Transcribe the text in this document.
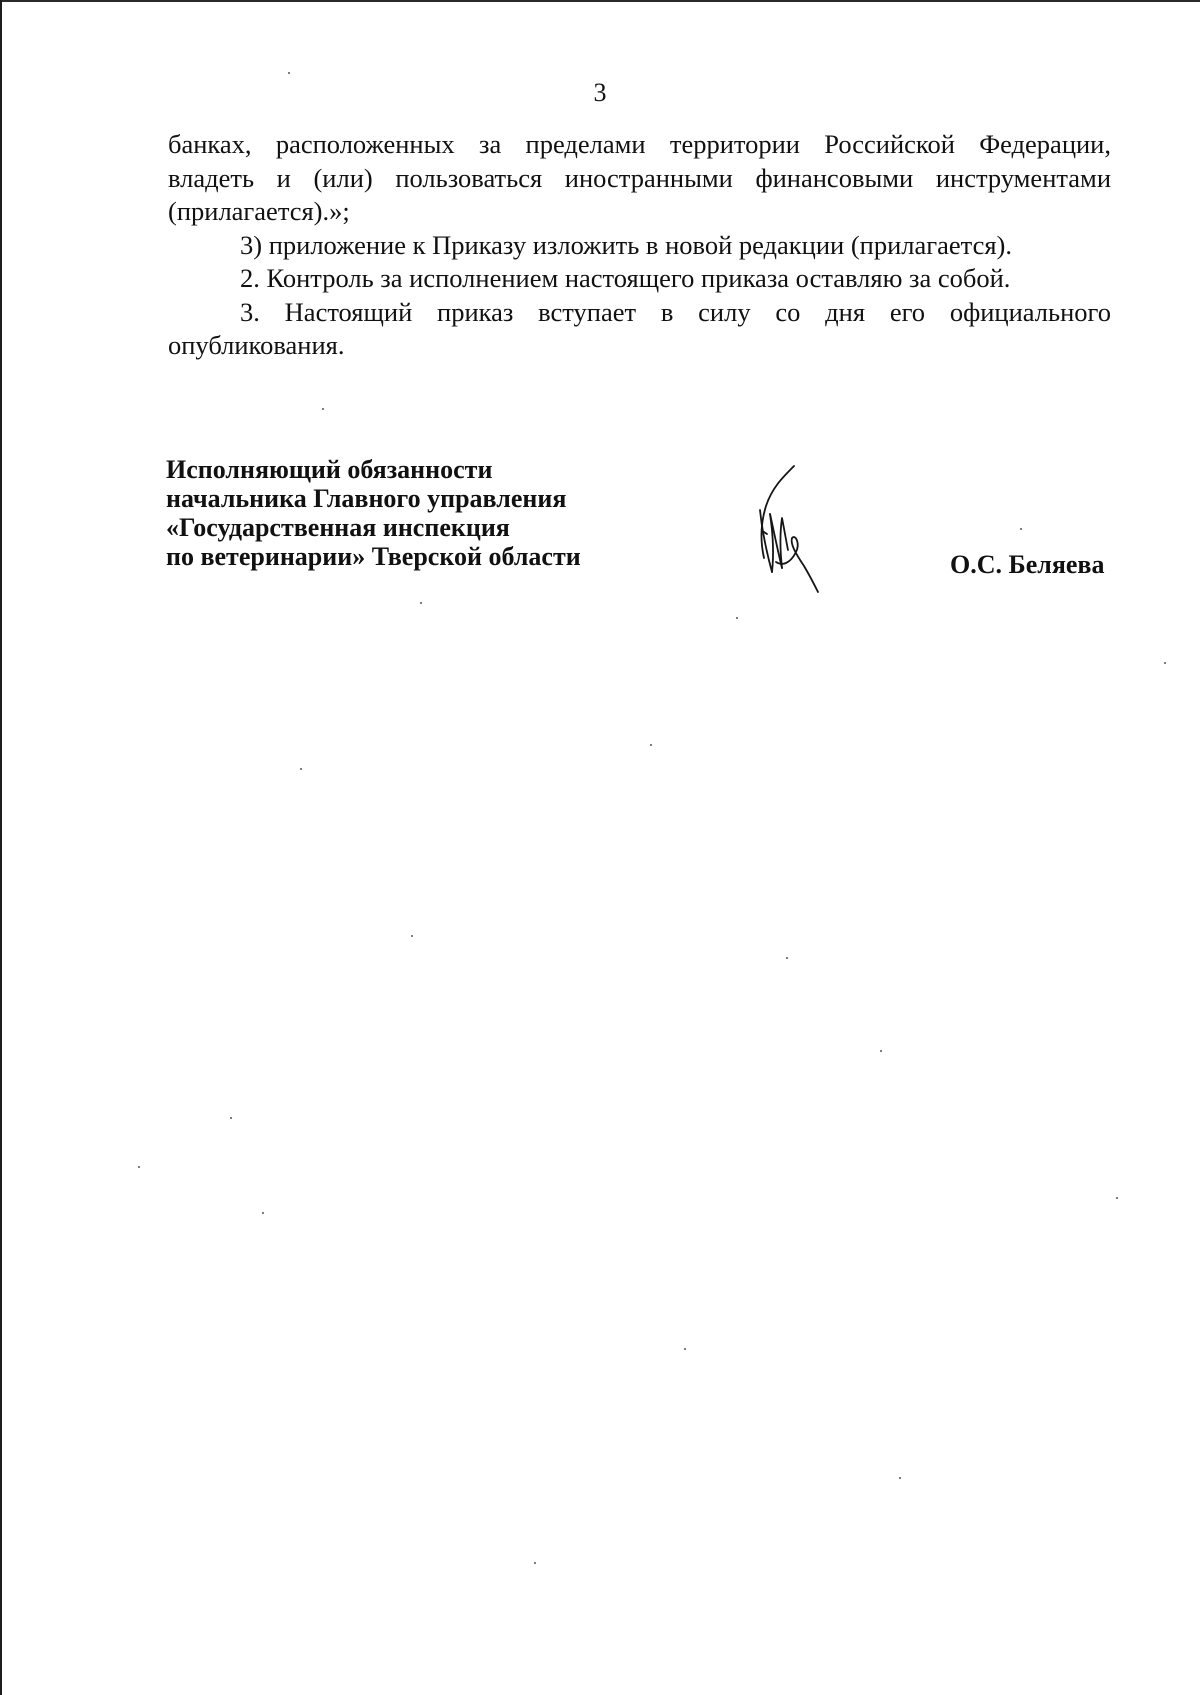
3
банках, расположенных за пределами территории Российской Федерации,
владеть и (или) пользоваться иностранными финансовыми инструментами
(прилагается).»;
3) приложение к Приказу изложить в новой редакции (прилагается).
2. Контроль за исполнением настоящего приказа оставляю за собой.
3. Настоящий приказ вступает в силу со дня его официального
опубликования.
Исполняющий обязанности
начальника Главного управления
«Государственная инспекция
по ветеринарии» Тверской области	О.С. Беляева
